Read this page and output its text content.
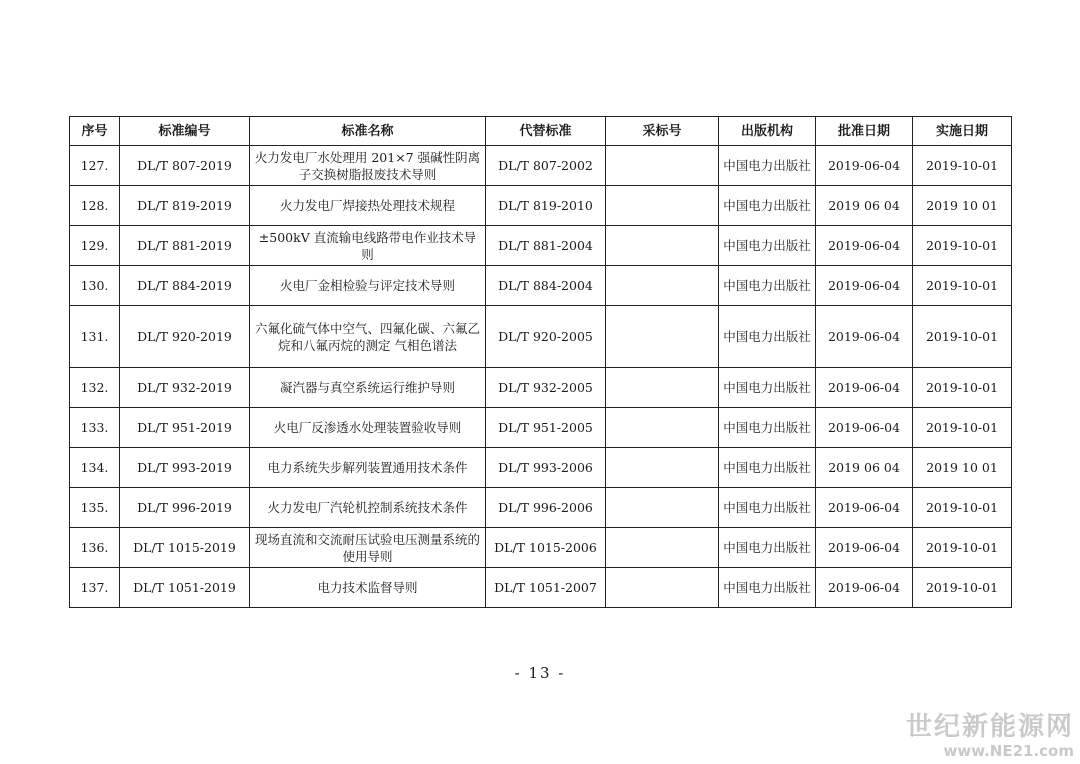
序号	标准编号	标准名称	代替标准	采标号	出版机构	批准日期	实施日期
127.	DL/T 807-2019	火力发电厂水处理用 201×7 强碱性阴离子交换树脂报废技术导则	DL/T 807-2002		中国电力出版社	2019-06-04	2019-10-01
128.	DL/T 819-2019	火力发电厂焊接热处理技术规程	DL/T 819-2010		中国电力出版社	2019 06 04	2019 10 01
129.	DL/T 881-2019	±500kV 直流输电线路带电作业技术导则	DL/T 881-2004		中国电力出版社	2019-06-04	2019-10-01
130.	DL/T 884-2019	火电厂金相检验与评定技术导则	DL/T 884-2004		中国电力出版社	2019-06-04	2019-10-01
131.	DL/T 920-2019	六氟化硫气体中空气、四氟化碳、六氟乙烷和八氟丙烷的测定 气相色谱法	DL/T 920-2005		中国电力出版社	2019-06-04	2019-10-01
132.	DL/T 932-2019	凝汽器与真空系统运行维护导则	DL/T 932-2005		中国电力出版社	2019-06-04	2019-10-01
133.	DL/T 951-2019	火电厂反渗透水处理装置验收导则	DL/T 951-2005		中国电力出版社	2019-06-04	2019-10-01
134.	DL/T 993-2019	电力系统失步解列装置通用技术条件	DL/T 993-2006		中国电力出版社	2019 06 04	2019 10 01
135.	DL/T 996-2019	火力发电厂汽轮机控制系统技术条件	DL/T 996-2006		中国电力出版社	2019-06-04	2019-10-01
136.	DL/T 1015-2019	现场直流和交流耐压试验电压测量系统的使用导则	DL/T 1015-2006		中国电力出版社	2019-06-04	2019-10-01
137.	DL/T 1051-2019	电力技术监督导则	DL/T 1051-2007		中国电力出版社	2019-06-04	2019-10-01
- 13 -
世纪新能源网
www.NE21.com
